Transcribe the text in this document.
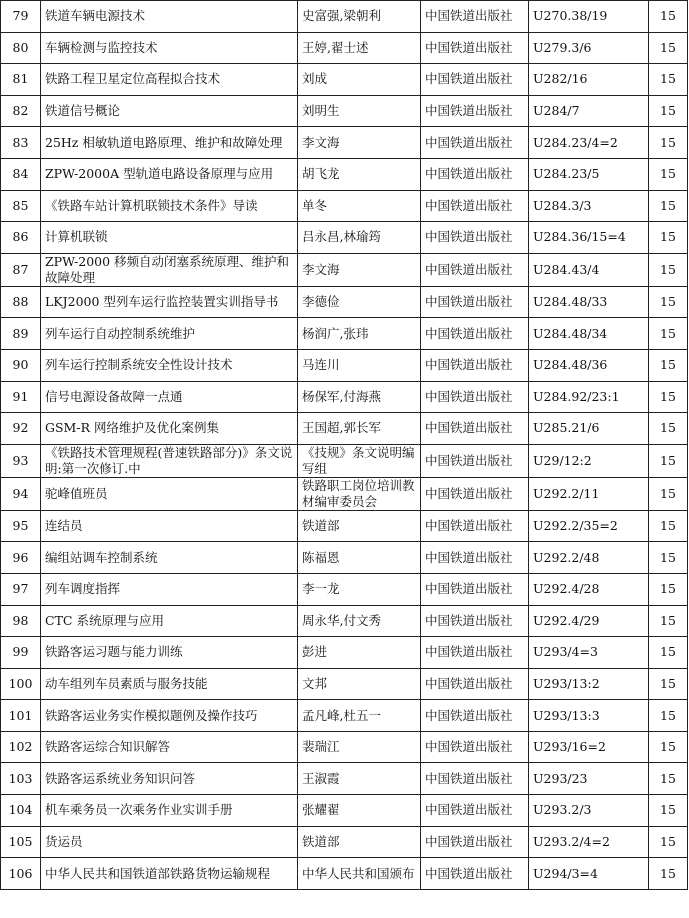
79	铁道车辆电源技术	史富强,梁朝利	中国铁道出版社	U270.38/19	15
80	车辆检测与监控技术	王婷,翟士述	中国铁道出版社	U279.3/6	15
81	铁路工程卫星定位高程拟合技术	刘成	中国铁道出版社	U282/16	15
82	铁道信号概论	刘明生	中国铁道出版社	U284/7	15
83	25Hz 相敏轨道电路原理、维护和故障处理	李文海	中国铁道出版社	U284.23/4=2	15
84	ZPW-2000A 型轨道电路设备原理与应用	胡飞龙	中国铁道出版社	U284.23/5	15
85	《铁路车站计算机联锁技术条件》导读	单冬	中国铁道出版社	U284.3/3	15
86	计算机联锁	吕永昌,林瑜筠	中国铁道出版社	U284.36/15=4	15
87	ZPW-2000 移频自动闭塞系统原理、维护和故障处理	李文海	中国铁道出版社	U284.43/4	15
88	LKJ2000 型列车运行监控装置实训指导书	李德俭	中国铁道出版社	U284.48/33	15
89	列车运行自动控制系统维护	杨润广,张玮	中国铁道出版社	U284.48/34	15
90	列车运行控制系统安全性设计技术	马连川	中国铁道出版社	U284.48/36	15
91	信号电源设备故障一点通	杨保军,付海燕	中国铁道出版社	U284.92/23:1	15
92	GSM-R 网络维护及优化案例集	王国超,郭长军	中国铁道出版社	U285.21/6	15
93	《铁路技术管理规程(普速铁路部分)》条文说明:第一次修订.中	《技规》条文说明编写组	中国铁道出版社	U29/12:2	15
94	驼峰值班员	铁路职工岗位培训教材编审委员会	中国铁道出版社	U292.2/11	15
95	连结员	铁道部	中国铁道出版社	U292.2/35=2	15
96	编组站调车控制系统	陈福恩	中国铁道出版社	U292.2/48	15
97	列车调度指挥	李一龙	中国铁道出版社	U292.4/28	15
98	CTC 系统原理与应用	周永华,付文秀	中国铁道出版社	U292.4/29	15
99	铁路客运习题与能力训练	彭进	中国铁道出版社	U293/4=3	15
100	动车组列车员素质与服务技能	文邦	中国铁道出版社	U293/13:2	15
101	铁路客运业务实作模拟题例及操作技巧	孟凡峰,杜五一	中国铁道出版社	U293/13:3	15
102	铁路客运综合知识解答	裴瑞江	中国铁道出版社	U293/16=2	15
103	铁路客运系统业务知识问答	王淑霞	中国铁道出版社	U293/23	15
104	机车乘务员一次乘务作业实训手册	张耀翟	中国铁道出版社	U293.2/3	15
105	货运员	铁道部	中国铁道出版社	U293.2/4=2	15
106	中华人民共和国铁道部铁路货物运输规程	中华人民共和国颁布	中国铁道出版社	U294/3=4	15
